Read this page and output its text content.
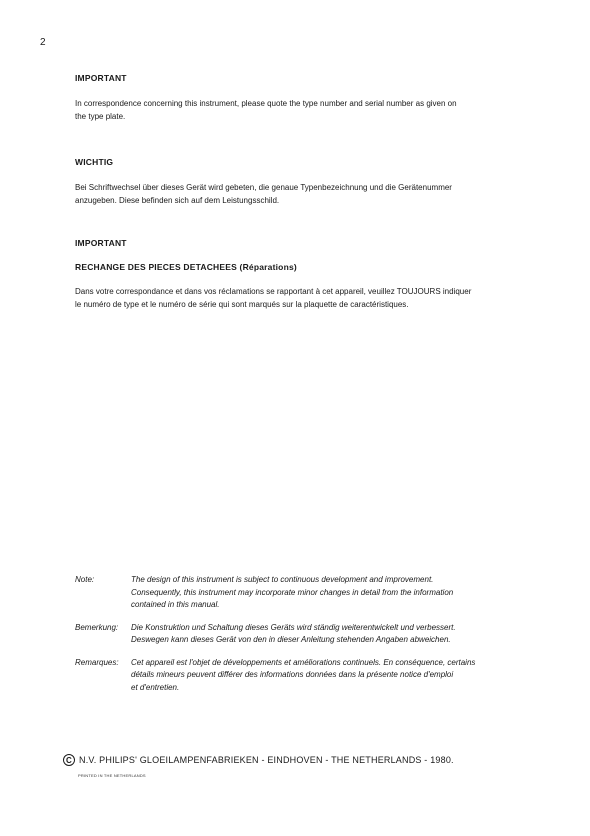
2

IMPORTANT

In correspondence concerning this instrument, please quote the type number and serial number as given on
the type plate.

WICHTIG

Bei Schriftwechsel über dieses Gerät wird gebeten, die genaue Typenbezeichnung und die Gerätenummer
anzugeben. Diese befinden sich auf dem Leistungsschild.

IMPORTANT

RECHANGE DES PIECES DETACHEES (Réparations)

Dans votre correspondance et dans vos réclamations se rapportant à cet appareil, veuillez TOUJOURS indiquer
le numéro de type et le numéro de série qui sont marqués sur la plaquette de caractéristiques.

Note:	The design of this instrument is subject to continuous development and improvement.
Consequently, this instrument may incorporate minor changes in detail from the information
contained in this manual.
Bemerkung:	Die Konstruktion und Schaltung dieses Geräts wird ständig weiterentwickelt und verbessert.
Deswegen kann dieses Gerät von den in dieser Anleitung stehenden Angaben abweichen.
Remarques:	Cet appareil est l'objet de développements et améliorations continuels. En conséquence, certains
détails mineurs peuvent différer des informations données dans la présente notice d'emploi
et d'entretien.
C N.V. PHILIPS' GLOEILAMPENFABRIEKEN - EINDHOVEN - THE NETHERLANDS - 1980.
PRINTED IN THE NETHERLANDS
